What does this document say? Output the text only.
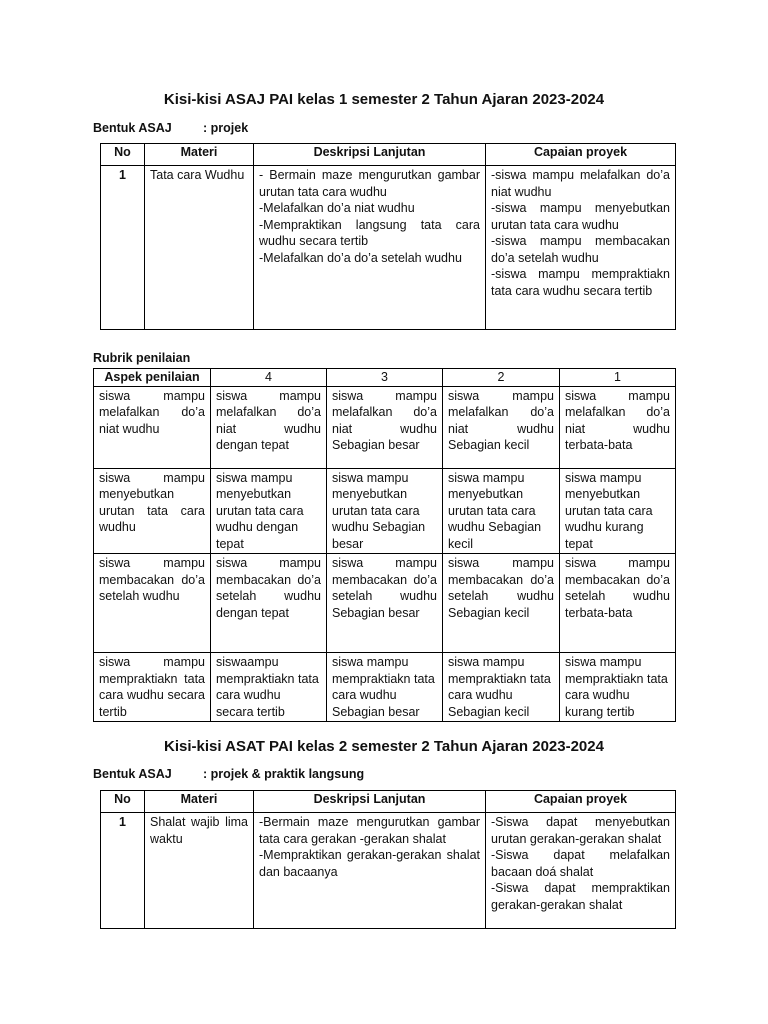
Kisi-kisi ASAJ PAI kelas 1 semester 2 Tahun Ajaran 2023-2024
Bentuk ASAJ	: projek
No	Materi	Deskripsi Lanjutan	Capaian proyek
1	Tata cara Wudhu	- Bermain maze mengurutkan gambar urutan tata cara wudhu
-Melafalkan do’a niat wudhu
-Mempraktikan langsung tata cara wudhu secara tertib
-Melafalkan do’a do’a setelah wudhu	-siswa mampu melafalkan do’a niat wudhu
-siswa mampu menyebutkan urutan tata cara wudhu
-siswa mampu membacakan do’a setelah wudhu
-siswa mampu mempraktiakn tata cara wudhu secara tertib
Rubrik penilaian
Aspek penilaian	4	3	2	1
siswa mampu melafalkan do’a niat wudhu	siswa mampu melafalkan do’a niat wudhu dengan tepat	siswa mampu melafalkan do’a niat wudhu Sebagian besar	siswa mampu melafalkan do’a niat wudhu Sebagian kecil	siswa mampu melafalkan do’a niat wudhu terbata-bata
siswa mampu menyebutkan urutan tata cara wudhu	siswa mampu menyebutkan urutan tata cara wudhu dengan tepat	siswa mampu menyebutkan urutan tata cara wudhu Sebagian besar	siswa mampu menyebutkan urutan tata cara wudhu Sebagian kecil	siswa mampu menyebutkan urutan tata cara wudhu kurang tepat
siswa mampu membacakan do’a setelah wudhu	siswa mampu membacakan do’a setelah wudhu dengan tepat	siswa mampu membacakan do’a setelah wudhu Sebagian besar	siswa mampu membacakan do’a setelah wudhu Sebagian kecil	siswa mampu membacakan do’a setelah wudhu terbata-bata
siswa mampu mempraktiakn tata cara wudhu secara tertib	siswaampu mempraktiakn tata cara wudhu secara tertib	siswa mampu mempraktiakn tata cara wudhu Sebagian besar	siswa mampu mempraktiakn tata cara wudhu Sebagian kecil	siswa mampu mempraktiakn tata cara wudhu kurang tertib
Kisi-kisi ASAT PAI kelas 2 semester 2 Tahun Ajaran 2023-2024
Bentuk ASAJ	: projek & praktik langsung
No	Materi	Deskripsi Lanjutan	Capaian proyek
1	Shalat wajib lima waktu	-Bermain maze mengurutkan gambar tata cara gerakan -gerakan shalat
-Mempraktikan gerakan-gerakan shalat dan bacaanya	-Siswa dapat menyebutkan urutan gerakan-gerakan shalat
-Siswa dapat melafalkan bacaan doá shalat
-Siswa dapat mempraktikan gerakan-gerakan shalat
